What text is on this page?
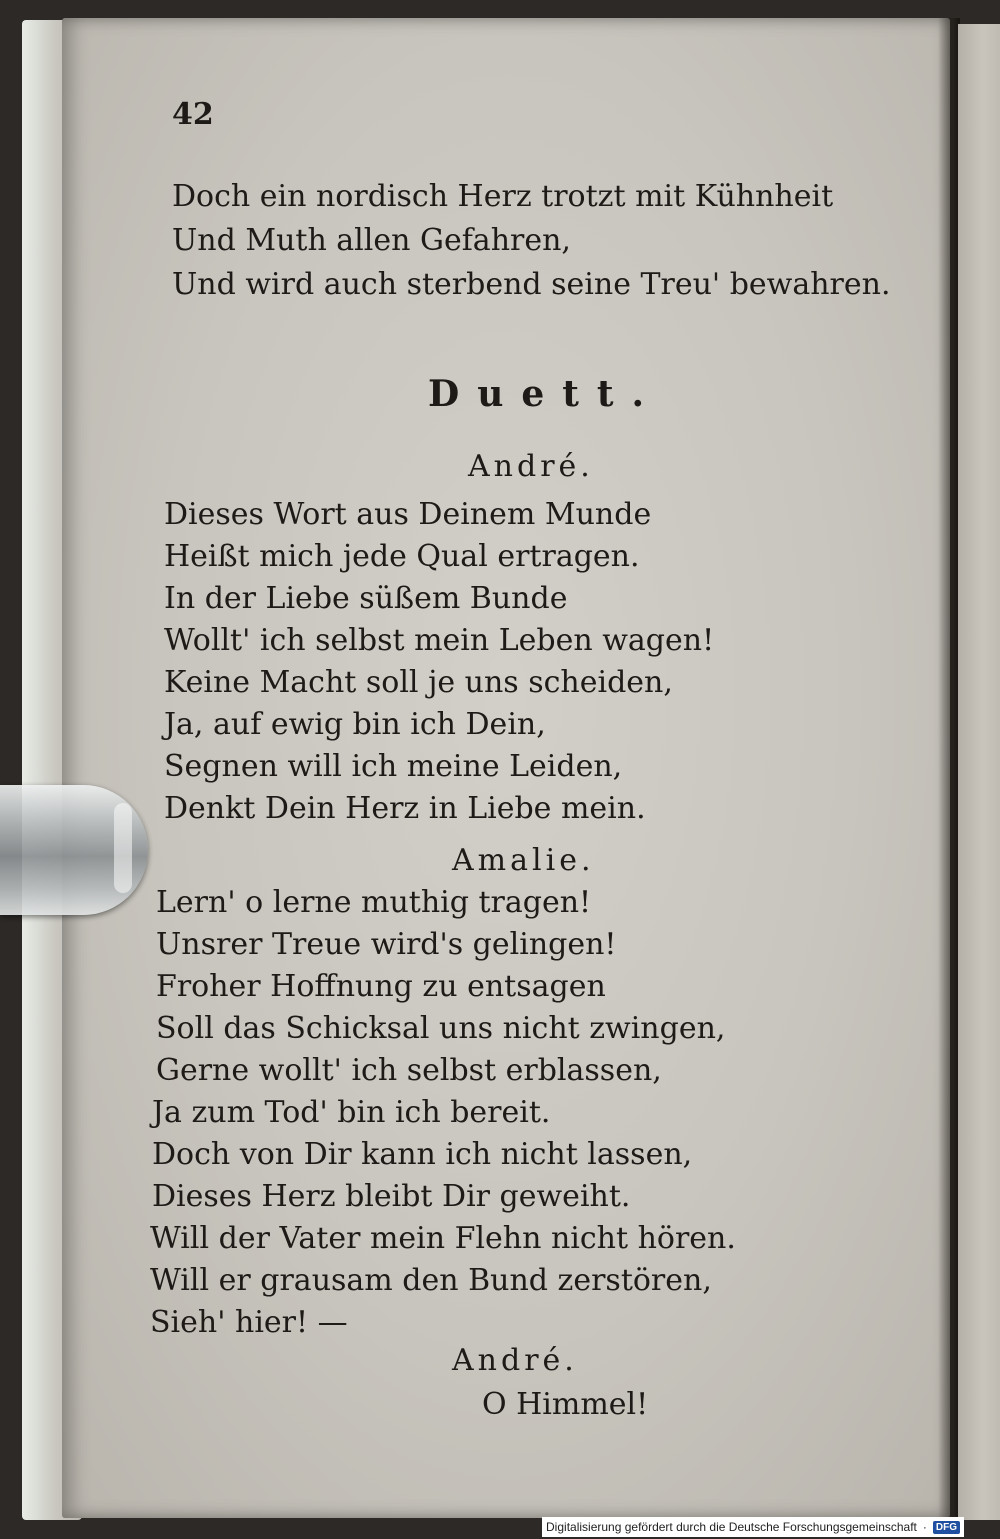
42
Doch ein nordisch Herz trotzt mit Kühnheit
Und Muth allen Gefahren,
Und wird auch sterbend seine Treu' bewahren.
Duett.
André.
Dieses Wort aus Deinem Munde
Heißt mich jede Qual ertragen.
In der Liebe süßem Bunde
Wollt' ich selbst mein Leben wagen!
Keine Macht soll je uns scheiden,
Ja, auf ewig bin ich Dein,
Segnen will ich meine Leiden,
Denkt Dein Herz in Liebe mein.
Amalie.
Lern' o lerne muthig tragen!
Unsrer Treue wird's gelingen!
Froher Hoffnung zu entsagen
Soll das Schicksal uns nicht zwingen,
Gerne wollt' ich selbst erblassen,
Ja zum Tod' bin ich bereit.
Doch von Dir kann ich nicht lassen,
Dieses Herz bleibt Dir geweiht.
Will der Vater mein Flehn nicht hören.
Will er grausam den Bund zerstören,
Sieh' hier! —
André.
O Himmel!
Digitalisierung gefördert durch die Deutsche Forschungsgemeinschaft · DFG
